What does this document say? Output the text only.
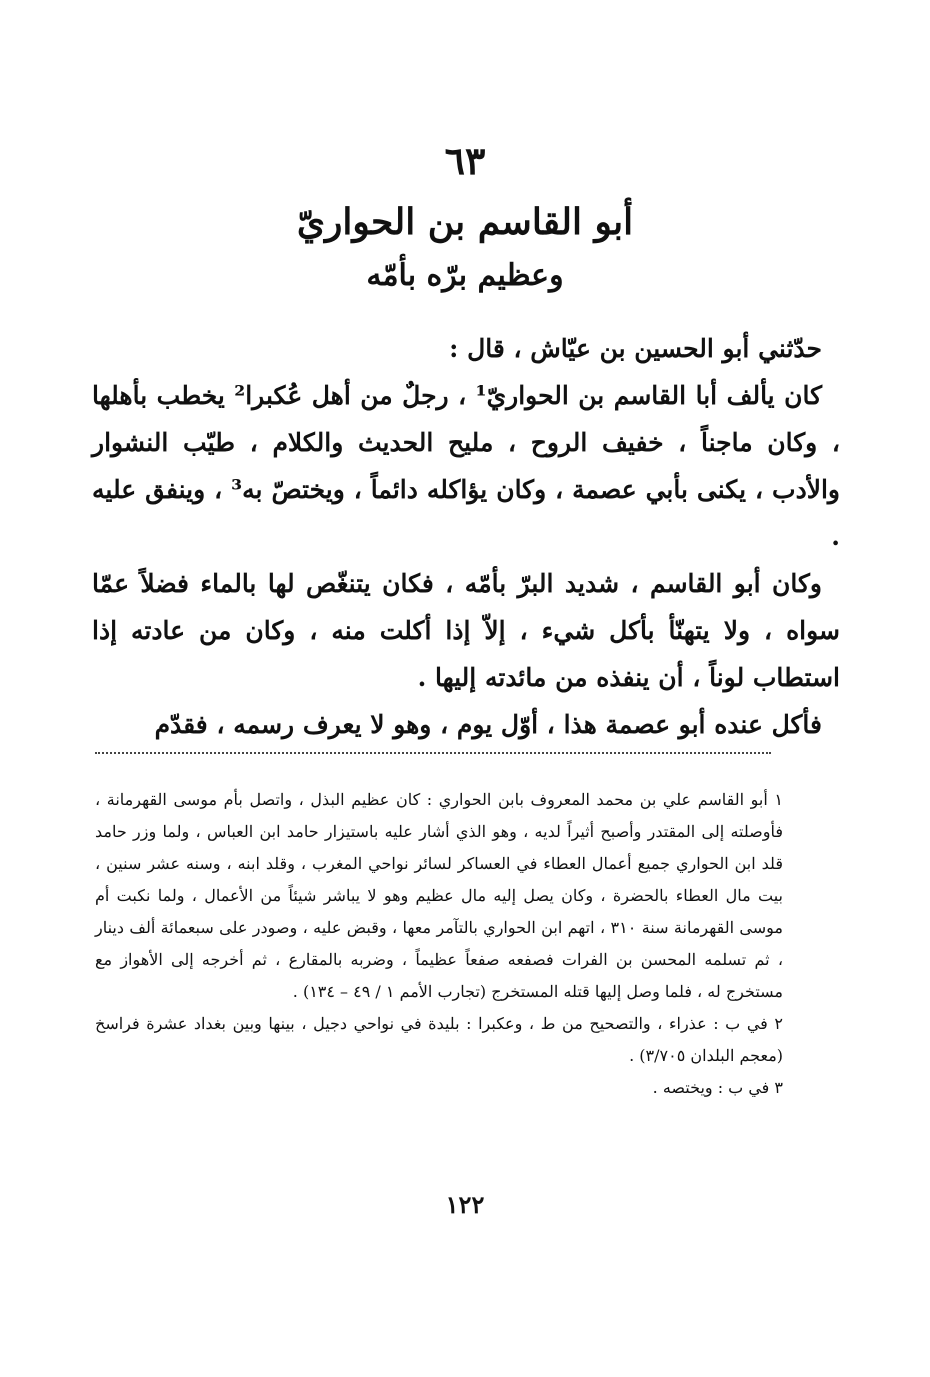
٦٣
أبو القاسم بن الحواريّ
وعظيم برّه بأمّه

حدّثني أبو الحسين بن عيّاش ، قال :

كان يألف أبا القاسم بن الحواريّ¹ ، رجلٌ من أهل عُكبرا² يخطب بأهلها ، وكان ماجناً ، خفيف الروح ، مليح الحديث والكلام ، طيّب النشوار والأدب ، يكنى بأبي عصمة ، وكان يؤاكله دائماً ، ويختصّ به³ ، وينفق عليه .

وكان أبو القاسم ، شديد البرّ بأمّه ، فكان يتنغّص لها بالماء فضلاً عمّا سواه ، ولا يتهنّأ بأكل شيء ، إلاّ إذا أكلت منه ، وكان من عادته إذا استطاب لوناً ، أن ينفذه من مائدته إليها .

فأكل عنده أبو عصمة هذا ، أوّل يوم ، وهو لا يعرف رسمه ، فقدّم

١ أبو القاسم علي بن محمد المعروف بابن الحواري : كان عظيم البذل ، واتصل بأم موسى القهرمانة ، فأوصلته إلى المقتدر وأصبح أثيراً لديه ، وهو الذي أشار عليه باستيزار حامد ابن العباس ، ولما وزر حامد قلد ابن الحواري جميع أعمال العطاء في العساكر لسائر نواحي المغرب ، وقلد ابنه ، وسنه عشر سنين ، بيت مال العطاء بالحضرة ، وكان يصل إليه مال عظيم وهو لا يباشر شيئاً من الأعمال ، ولما نكبت أم موسى القهرمانة سنة ٣١٠ ، اتهم ابن الحواري بالتآمر معها ، وقبض عليه ، وصودر على سبعمائة ألف دينار ، ثم تسلمه المحسن بن الفرات فصفعه صفعاً عظيماً ، وضربه بالمقارع ، ثم أخرجه إلى الأهواز مع مستخرج له ، فلما وصل إليها قتله المستخرج (تجارب الأمم ١ / ٤٩ – ١٣٤) .

٢ في ب : عذراء ، والتصحيح من ط ، وعكبرا : بليدة في نواحي دجيل ، بينها وبين بغداد عشرة فراسخ (معجم البلدان ٣/٧٠٥) .

٣ في ب : ويختصه .

١٢٢
